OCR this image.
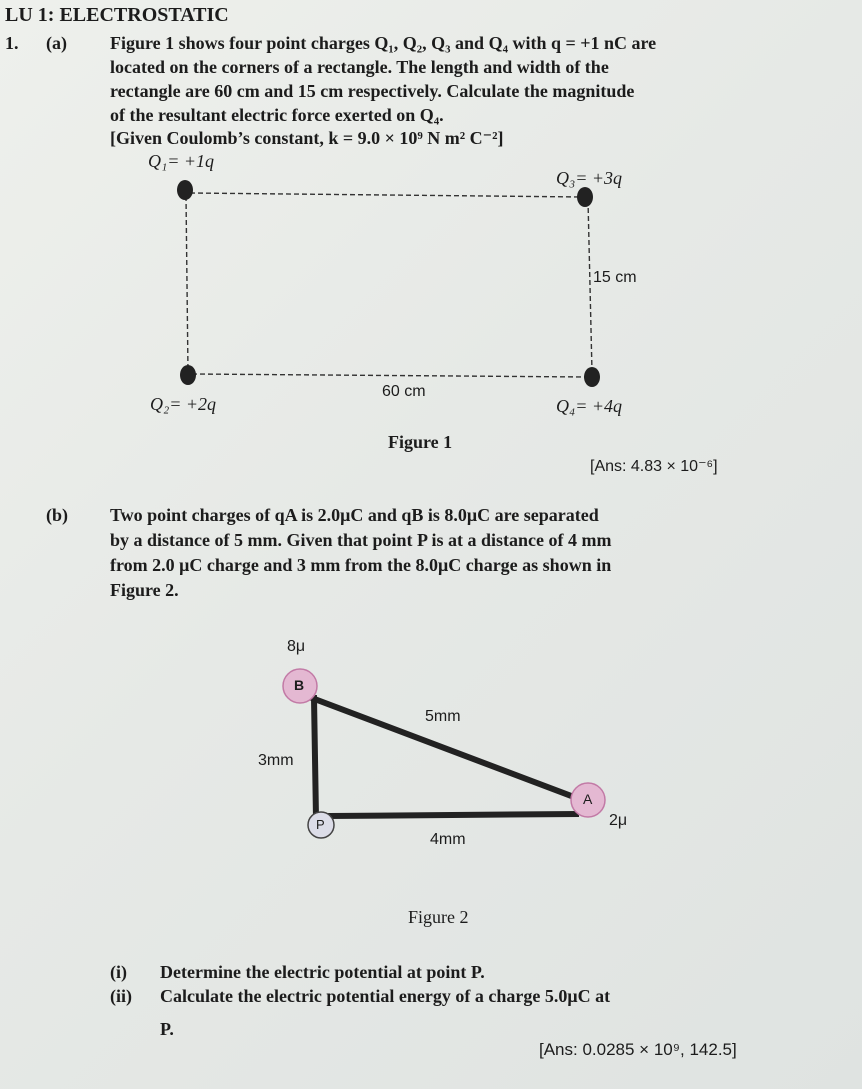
LU 1: ELECTROSTATIC
1. (a) Figure 1 shows four point charges Q₁, Q₂, Q₃ and Q₄ with q = +1 nC are
located on the corners of a rectangle. The length and width of the
rectangle are 60 cm and 15 cm respectively. Calculate the magnitude
of the resultant electric force exerted on Q₄.
[Given Coulomb’s constant, k = 9.0 × 10⁹ N m² C⁻²]
Q₁= +1q
Q₃= +3q
15 cm
60 cm
Q₂= +2q	Q₄= +4q
Figure 1
[Ans: 4.83 × 10⁻⁶]
(b) Two point charges of qA is 2.0μC and qB is 8.0μC are separated
by a distance of 5 mm. Given that point P is at a distance of 4 mm
from 2.0 μC charge and 3 mm from the 8.0μC charge as shown in
Figure 2.
8μ
B
5mm
3mm
A
P	2μ
4mm
Figure 2
(i) Determine the electric potential at point P.
(ii) Calculate the electric potential energy of a charge 5.0μC at
P.
[Ans: 0.0285 × 10⁹, 142.5]
